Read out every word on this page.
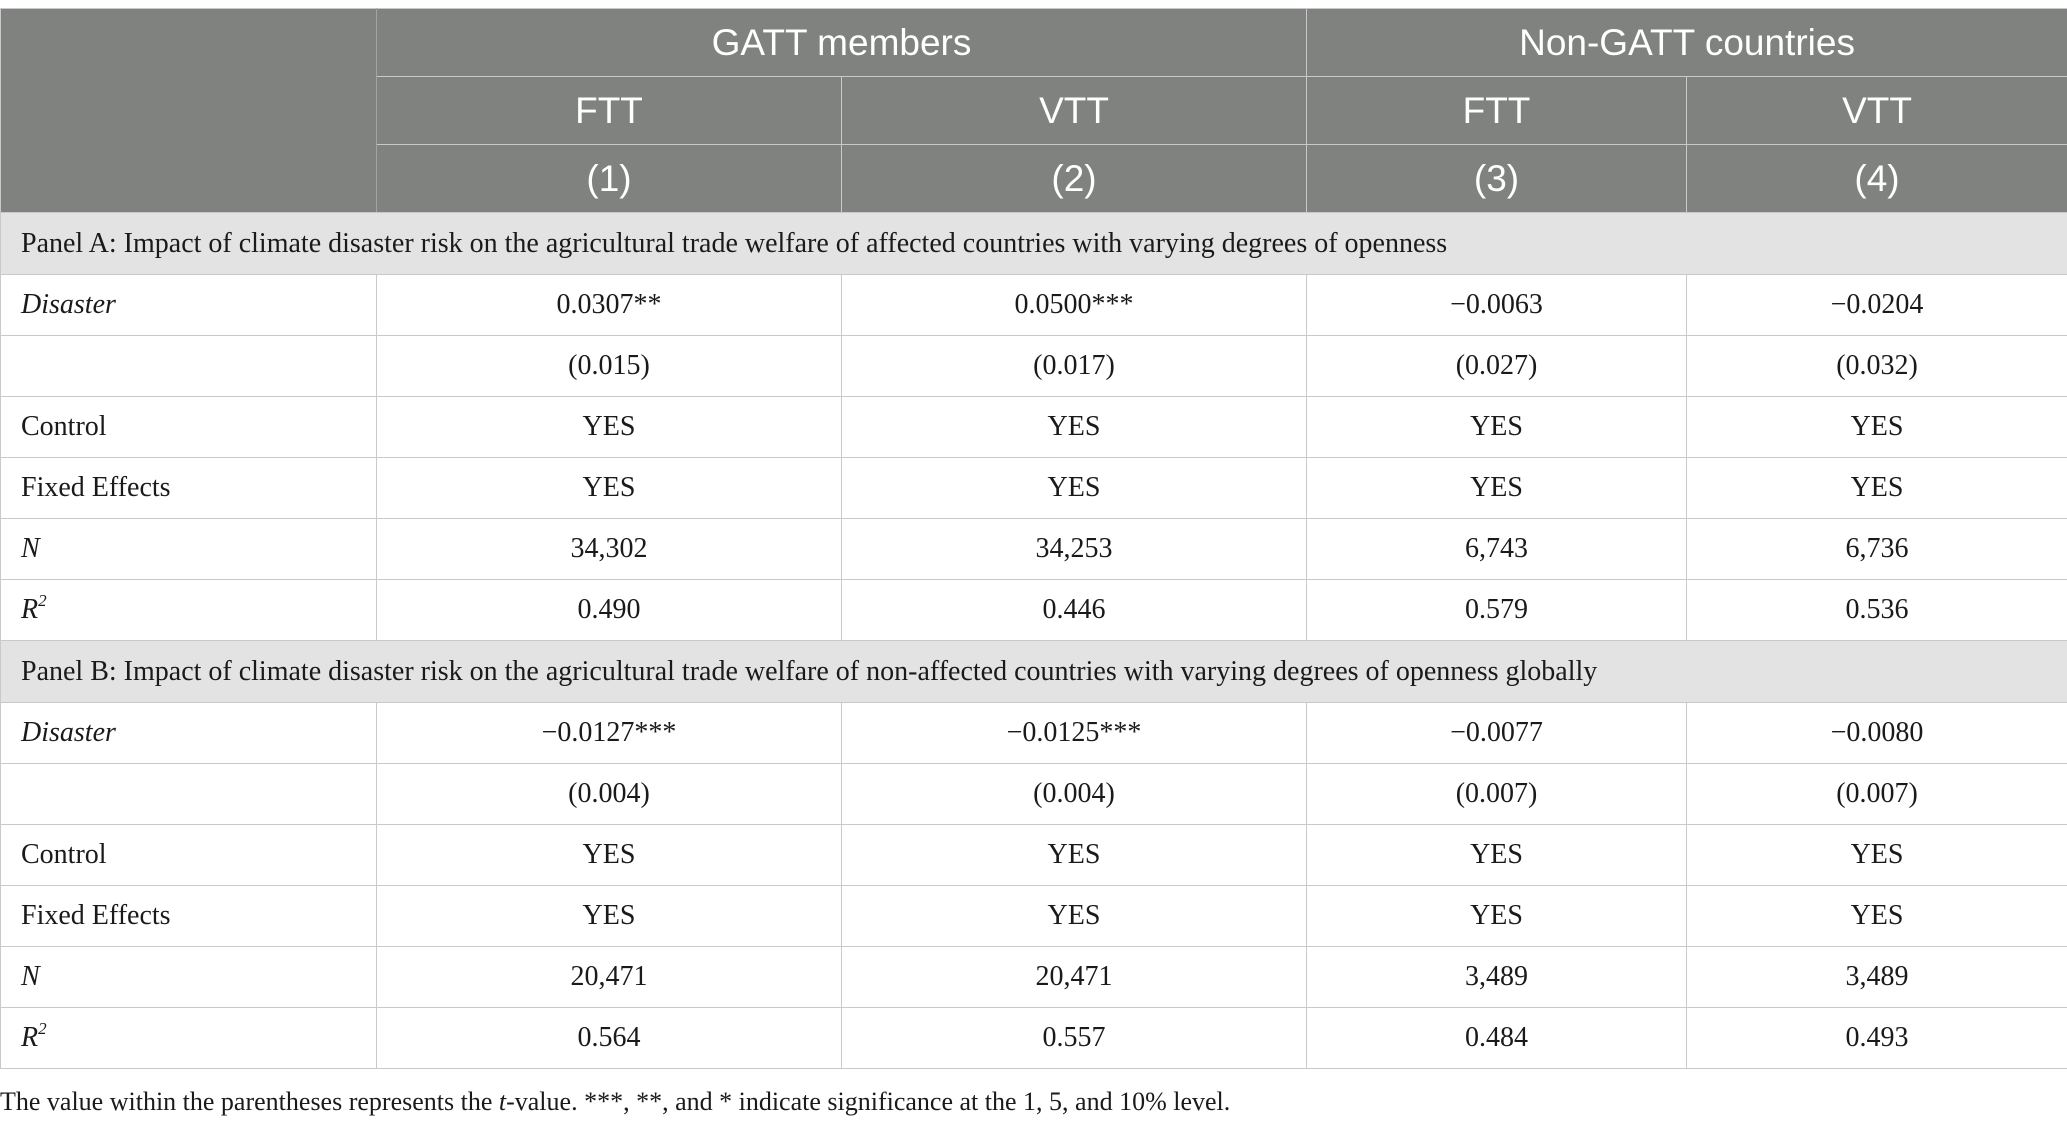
	GATT members		Non-GATT countries	
	FTT	VTT	FTT	VTT
	(1)	(2)	(3)	(4)
Panel A: Impact of climate disaster risk on the agricultural trade welfare of affected countries with varying degrees of openness				
Disaster	0.0307**	0.0500***	−0.0063	−0.0204
	(0.015)	(0.017)	(0.027)	(0.032)
Control	YES	YES	YES	YES
Fixed Effects	YES	YES	YES	YES
N	34,302	34,253	6,743	6,736
$R^2$	0.490	0.446	0.579	0.536
Panel B: Impact of climate disaster risk on the agricultural trade welfare of non-affected countries with varying degrees of openness globally				
Disaster	−0.0127***	−0.0125***	−0.0077	−0.0080
	(0.004)	(0.004)	(0.007)	(0.007)
Control	YES	YES	YES	YES
Fixed Effects	YES	YES	YES	YES
N	20,471	20,471	3,489	3,489
$R^2$	0.564	0.557	0.484	0.493
The value within the parentheses represents the t-value. ***, **, and * indicate significance at the 1, 5, and 10% level.
